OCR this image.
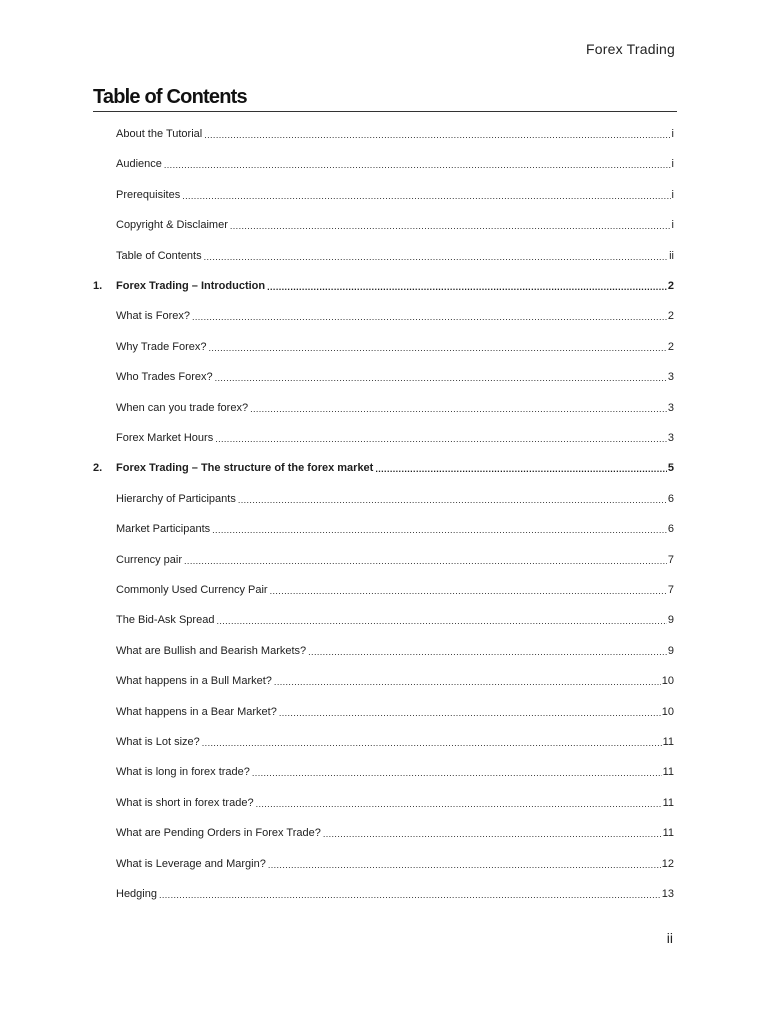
Forex Trading
Table of Contents
About the Tutorial .....	i
Audience .....	i
Prerequisites .....	i
Copyright & Disclaimer .....	i
Table of Contents .....	ii
1.	Forex Trading – Introduction .....	2
What is Forex? .....	2
Why Trade Forex? .....	2
Who Trades Forex? .....	3
When can you trade forex? .....	3
Forex Market Hours .....	3
2.	Forex Trading – The structure of the forex market .....	5
Hierarchy of Participants .....	6
Market Participants .....	6
Currency pair .....	7
Commonly Used Currency Pair .....	7
The Bid-Ask Spread .....	9
What are Bullish and Bearish Markets? .....	9
What happens in a Bull Market? .....	10
What happens in a Bear Market? .....	10
What is Lot size? .....	11
What is long in forex trade? .....	11
What is short in forex trade? .....	11
What are Pending Orders in Forex Trade? .....	11
What is Leverage and Margin? .....	12
Hedging .....	13
ii
